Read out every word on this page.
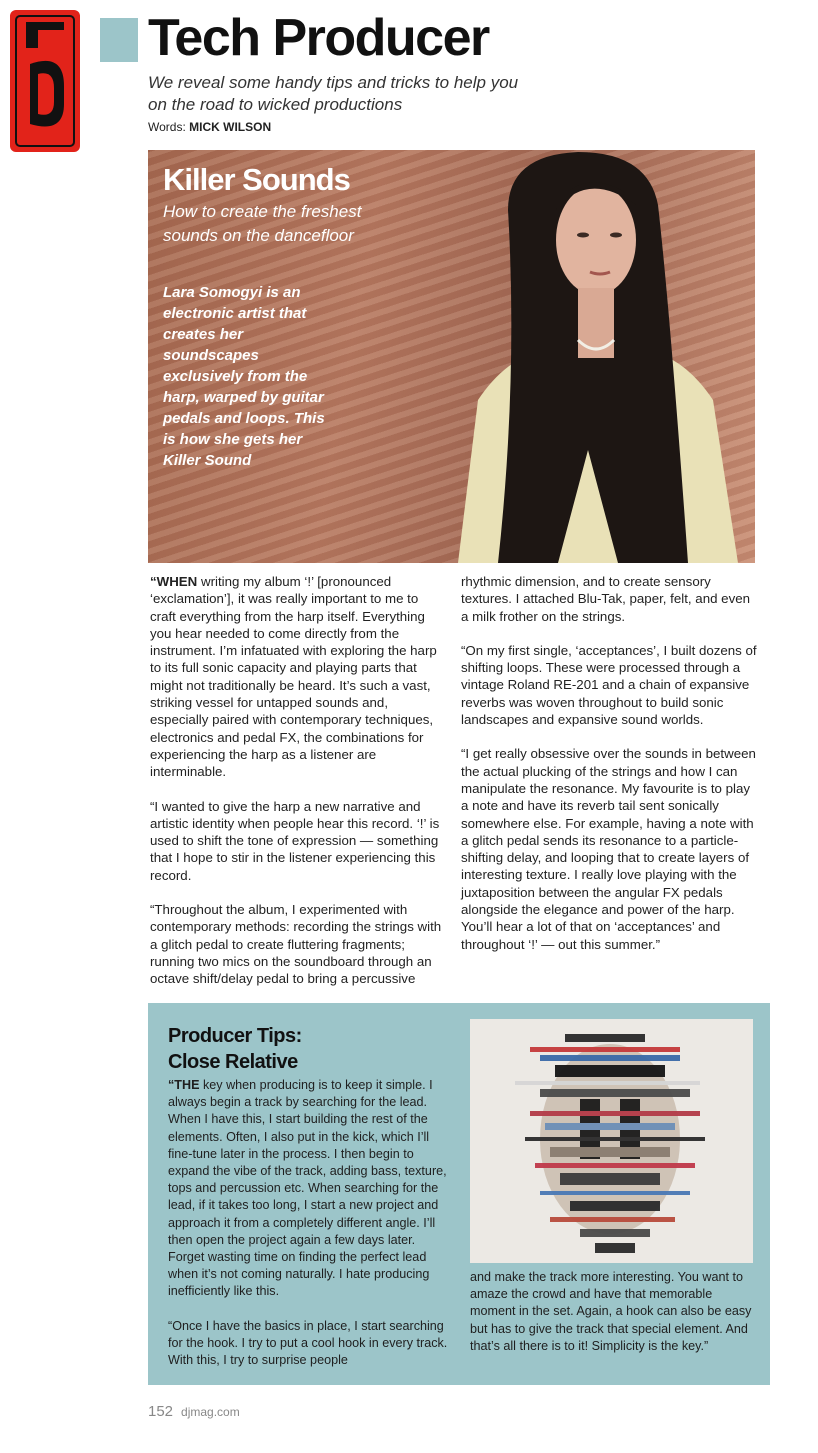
Tech Producer
We reveal some handy tips and tricks to help you on the road to wicked productions
Words: MICK WILSON
Killer Sounds
How to create the freshest sounds on the dancefloor
Lara Somogyi is an electronic artist that creates her soundscapes exclusively from the harp, warped by guitar pedals and loops. This is how she gets her Killer Sound

“WHEN writing my album ‘!’ [pronounced ‘exclamation’], it was really important to me to craft everything from the harp itself. Everything you hear needed to come directly from the instrument. I’m infatuated with exploring the harp to its full sonic capacity and playing parts that might not traditionally be heard. It’s such a vast, striking vessel for untapped sounds and, especially paired with contemporary techniques, electronics and pedal FX, the combinations for experiencing the harp as a listener are interminable.

“I wanted to give the harp a new narrative and artistic identity when people hear this record. ‘!’ is used to shift the tone of expression — something that I hope to stir in the listener experiencing this record.

“Throughout the album, I experimented with contemporary methods: recording the strings with a glitch pedal to create fluttering fragments; running two mics on the soundboard through an octave shift/delay pedal to bring a percussive

rhythmic dimension, and to create sensory textures. I attached Blu-Tak, paper, felt, and even a milk frother on the strings.

“On my first single, ‘acceptances’, I built dozens of shifting loops. These were processed through a vintage Roland RE-201 and a chain of expansive reverbs was woven throughout to build sonic landscapes and expansive sound worlds.

“I get really obsessive over the sounds in between the actual plucking of the strings and how I can manipulate the resonance. My favourite is to play a note and have its reverb tail sent sonically somewhere else. For example, having a note with a glitch pedal sends its resonance to a particle-shifting delay, and looping that to create layers of interesting texture. I really love playing with the juxtaposition between the angular FX pedals alongside the elegance and power of the harp. You’ll hear a lot of that on ‘acceptances’ and throughout ‘!’ — out this summer.”

Producer Tips:
Close Relative

“THE key when producing is to keep it simple. I always begin a track by searching for the lead. When I have this, I start building the rest of the elements. Often, I also put in the kick, which I’ll fine-tune later in the process. I then begin to expand the vibe of the track, adding bass, texture, tops and percussion etc. When searching for the lead, if it takes too long, I start a new project and approach it from a completely different angle. I’ll then open the project again a few days later. Forget wasting time on finding the perfect lead when it’s not coming naturally. I hate producing inefficiently like this.

“Once I have the basics in place, I start searching for the hook. I try to put a cool hook in every track. With this, I try to surprise people

and make the track more interesting. You want to amaze the crowd and have that memorable moment in the set. Again, a hook can also be easy but has to give the track that special element. And that’s all there is to it! Simplicity is the key.”

152 djmag.com
